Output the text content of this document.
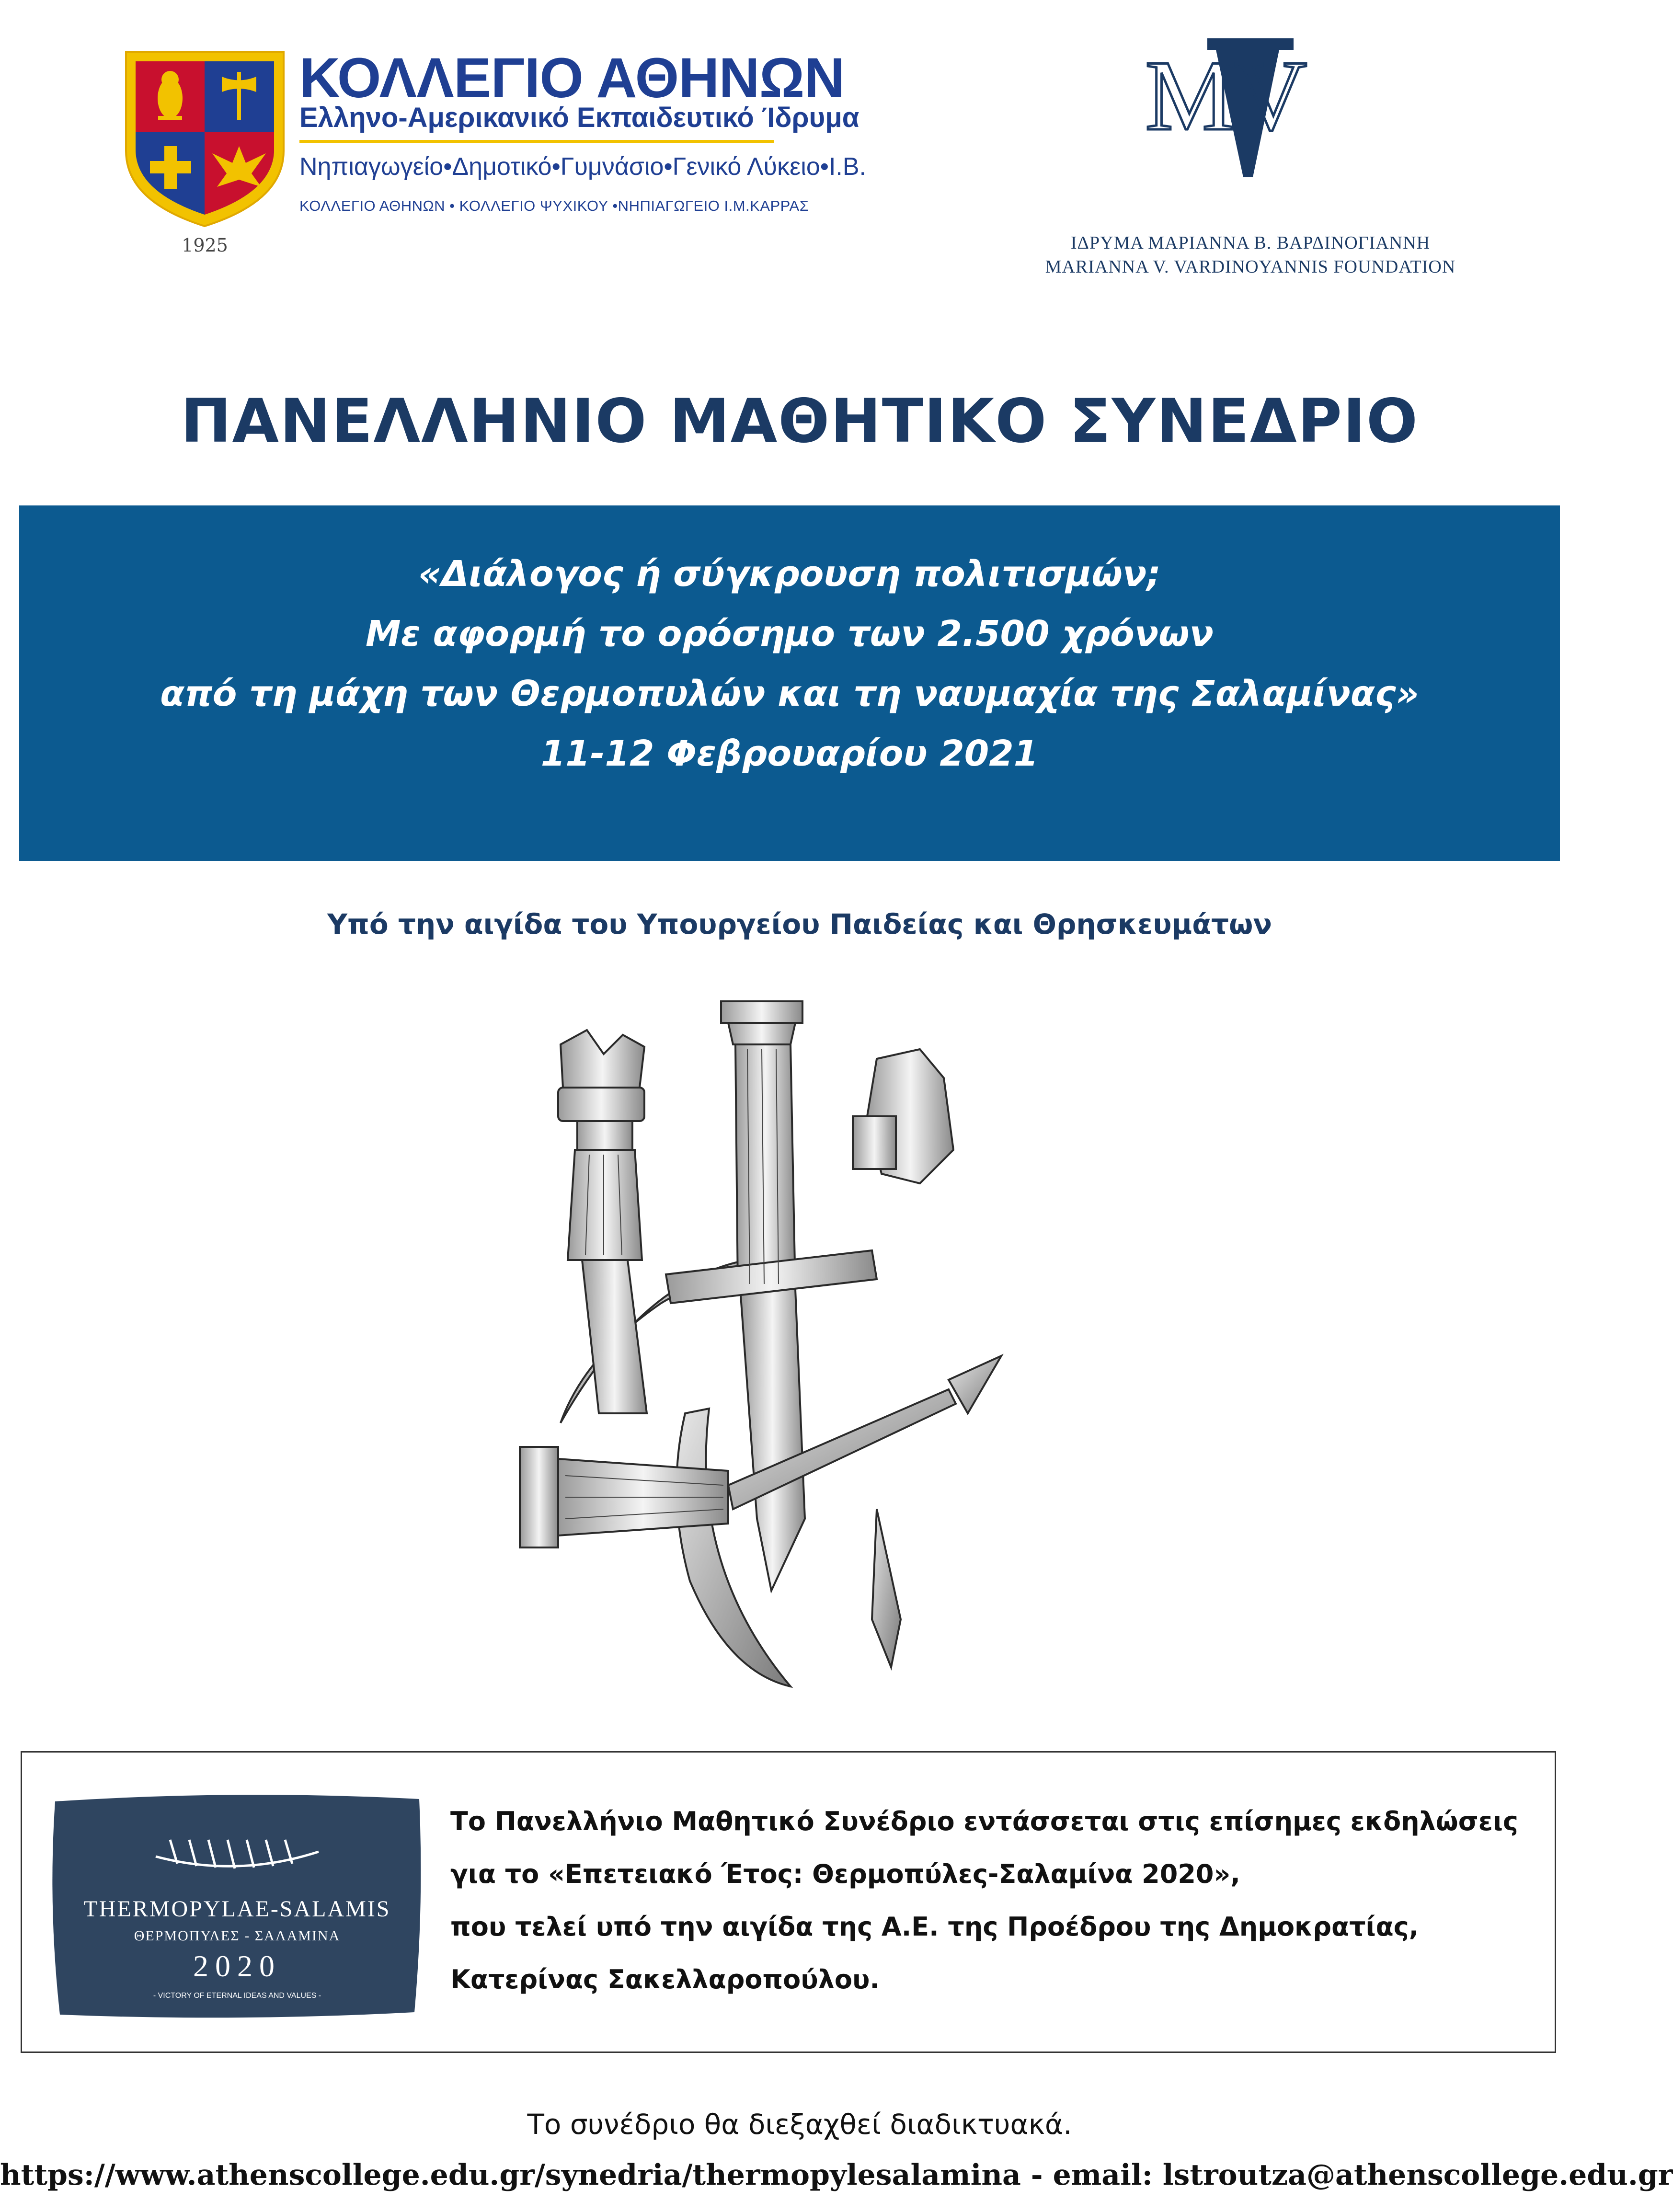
1925
ΚΟΛΛΕΓΙΟ ΑΘΗΝΩΝ
Ελληνο-Αμερικανικό Εκπαιδευτικό Ίδρυμα
Νηπιαγωγείο•Δημοτικό•Γυμνάσιο•Γενικό Λύκειο•Ι.Β.
ΚΟΛΛΕΓΙΟ ΑΘΗΝΩΝ • ΚΟΛΛΕΓΙΟ ΨΥΧΙΚΟΥ •ΝΗΠΙΑΓΩΓΕΙΟ Ι.Μ.ΚΑΡΡΑΣ
MV
ΙΔΡΥΜΑ ΜΑΡΙΑΝΝΑ Β. ΒΑΡΔΙΝΟΓΙΑΝΝΗ
MARIANNA V. VARDINOYANNIS FOUNDATION
ΠΑΝΕΛΛΗΝΙΟ ΜΑΘΗΤΙΚΟ ΣΥΝΕΔΡΙΟ
«Διάλογος ή σύγκρουση πολιτισμών;
Με αφορμή το ορόσημο των 2.500 χρόνων
από τη μάχη των Θερμοπυλών και τη ναυμαχία της Σαλαμίνας»
11-12 Φεβρουαρίου 2021
Υπό την αιγίδα του Υπουργείου Παιδείας και Θρησκευμάτων
THERMOPYLAE-SALAMIS
ΘΕΡΜΟΠΥΛΕΣ - ΣΑΛΑΜΙΝΑ
2020
- VICTORY OF ETERNAL IDEAS AND VALUES -
Το Πανελλήνιο Μαθητικό Συνέδριο εντάσσεται στις επίσημες εκδηλώσεις
για το «Επετειακό Έτος: Θερμοπύλες-Σαλαμίνα 2020»,
που τελεί υπό την αιγίδα της Α.Ε. της Προέδρου της Δημοκρατίας,
Κατερίνας Σακελλαροπούλου.
Το συνέδριο θα διεξαχθεί διαδικτυακά.
https://www.athenscollege.edu.gr/synedria/thermopylesalamina - email: lstroutza@athenscollege.edu.gr
